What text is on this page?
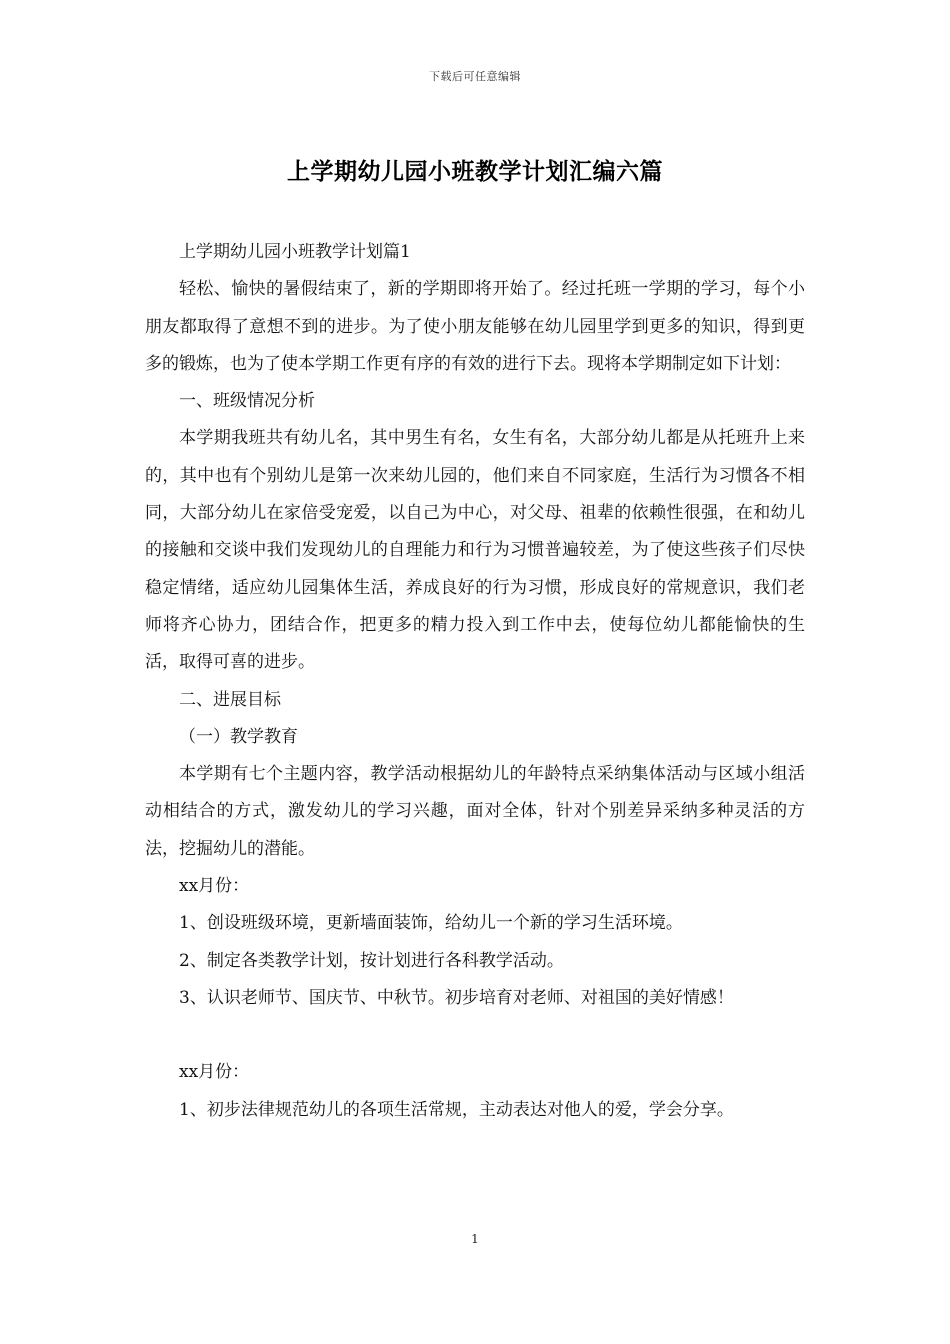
下载后可任意编辑
上学期幼儿园小班教学计划汇编六篇

上学期幼儿园小班教学计划篇1

轻松、愉快的暑假结束了，新的学期即将开始了。经过托班一学期的学习，每个小朋友都取得了意想不到的进步。为了使小朋友能够在幼儿园里学到更多的知识，得到更多的锻炼，也为了使本学期工作更有序的有效的进行下去。现将本学期制定如下计划：

一、班级情况分析

本学期我班共有幼儿名，其中男生有名，女生有名，大部分幼儿都是从托班升上来的，其中也有个别幼儿是第一次来幼儿园的，他们来自不同家庭，生活行为习惯各不相同，大部分幼儿在家倍受宠爱，以自己为中心，对父母、祖辈的依赖性很强，在和幼儿的接触和交谈中我们发现幼儿的自理能力和行为习惯普遍较差，为了使这些孩子们尽快稳定情绪，适应幼儿园集体生活，养成良好的行为习惯，形成良好的常规意识，我们老师将齐心协力，团结合作，把更多的精力投入到工作中去，使每位幼儿都能愉快的生活，取得可喜的进步。

二、进展目标

（一）教学教育

本学期有七个主题内容，教学活动根据幼儿的年龄特点采纳集体活动与区域小组活动相结合的方式，激发幼儿的学习兴趣，面对全体，针对个别差异采纳多种灵活的方法，挖掘幼儿的潜能。

xx月份：

1、创设班级环境，更新墙面装饰，给幼儿一个新的学习生活环境。

2、制定各类教学计划，按计划进行各科教学活动。

3、认识老师节、国庆节、中秋节。初步培育对老师、对祖国的美好情感！

xx月份：

1、初步法律规范幼儿的各项生活常规，主动表达对他人的爱，学会分享。

1
